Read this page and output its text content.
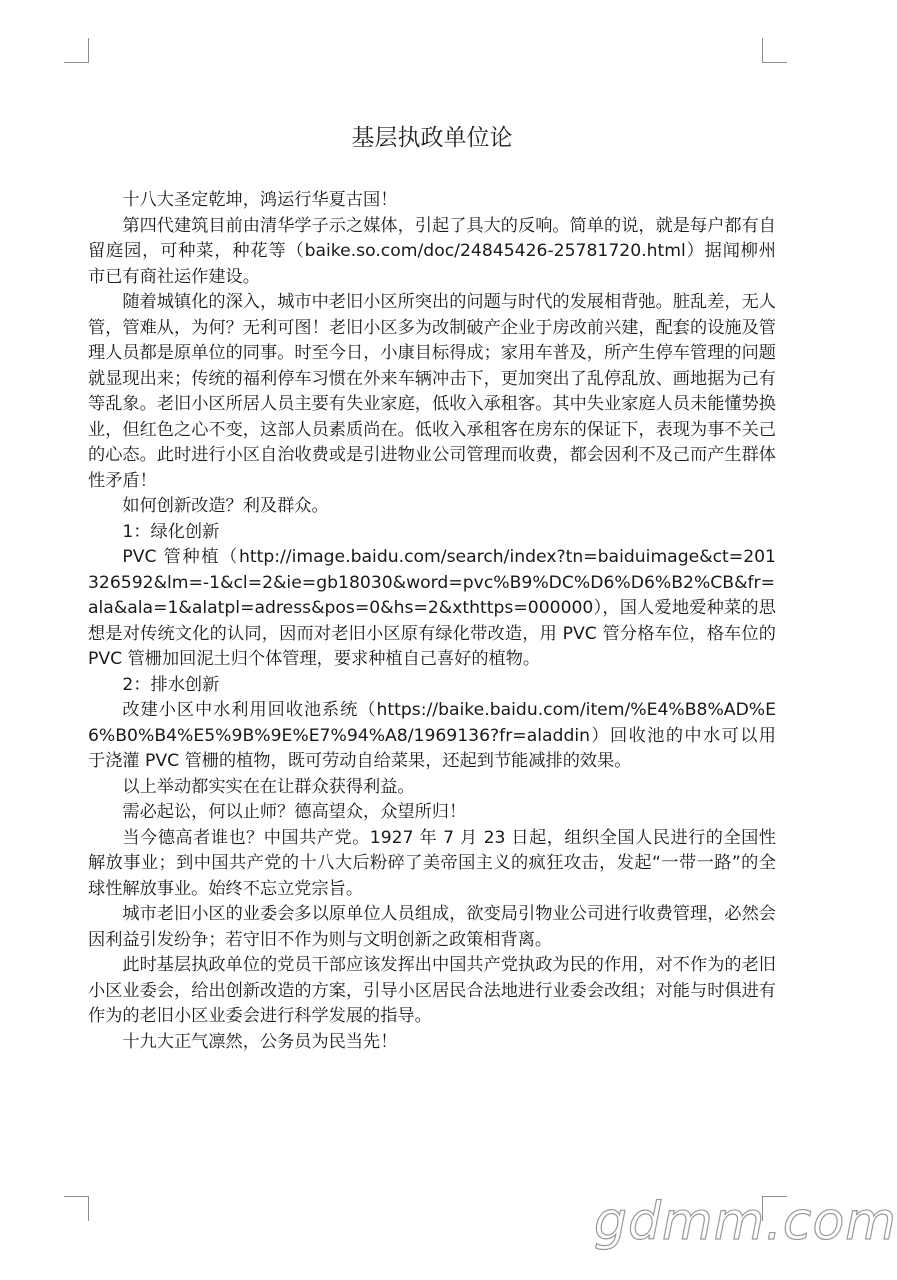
基层执政单位论

十八大圣定乾坤，鸿运行华夏古国！

第四代建筑目前由清华学子示之媒体，引起了具大的反响。简单的说，就是每户都有自留庭园，可种菜，种花等（baike.so.com/doc/24845426-25781720.html）据闻柳州市已有商社运作建设。

随着城镇化的深入，城市中老旧小区所突出的问题与时代的发展相背弛。脏乱差，无人管，管难从，为何？无利可图！老旧小区多为改制破产企业于房改前兴建，配套的设施及管理人员都是原单位的同事。时至今日，小康目标得成；家用车普及，所产生停车管理的问题就显现出来；传统的福利停车习惯在外来车辆冲击下，更加突出了乱停乱放、画地据为己有等乱象。老旧小区所居人员主要有失业家庭，低收入承租客。其中失业家庭人员未能懂势换业，但红色之心不变，这部人员素质尚在。低收入承租客在房东的保证下，表现为事不关己的心态。此时进行小区自治收费或是引进物业公司管理而收费，都会因利不及己而产生群体性矛盾！

如何创新改造？利及群众。

1：绿化创新

PVC 管种植（http://image.baidu.com/search/index?tn=baiduimage&ct=201326592&lm=-1&cl=2&ie=gb18030&word=pvc%B9%DC%D6%D6%B2%CB&fr=ala&ala=1&alatpl=adress&pos=0&hs=2&xthttps=000000），国人爱地爱种菜的思想是对传统文化的认同，因而对老旧小区原有绿化带改造，用 PVC 管分格车位，格车位的 PVC 管栅加回泥土归个体管理，要求种植自己喜好的植物。

2：排水创新

改建小区中水利用回收池系统（https://baike.baidu.com/item/%E4%B8%AD%E6%B0%B4%E5%9B%9E%E7%94%A8/1969136?fr=aladdin）回收池的中水可以用于浇灌 PVC 管栅的植物，既可劳动自给菜果，还起到节能减排的效果。

以上举动都实实在在让群众获得利益。

需必起讼，何以止师？德高望众，众望所归！

当今德高者谁也？中国共产党。1927 年 7 月 23 日起，组织全国人民进行的全国性解放事业；到中国共产党的十八大后粉碎了美帝国主义的疯狂攻击，发起“一带一路”的全球性解放事业。始终不忘立党宗旨。

城市老旧小区的业委会多以原单位人员组成，欲变局引物业公司进行收费管理，必然会因利益引发纷争；若守旧不作为则与文明创新之政策相背离。

此时基层执政单位的党员干部应该发挥出中国共产党执政为民的作用，对不作为的老旧小区业委会，给出创新改造的方案，引导小区居民合法地进行业委会改组；对能与时俱进有作为的老旧小区业委会进行科学发展的指导。

十九大正气凛然，公务员为民当先！

gdmm.com
